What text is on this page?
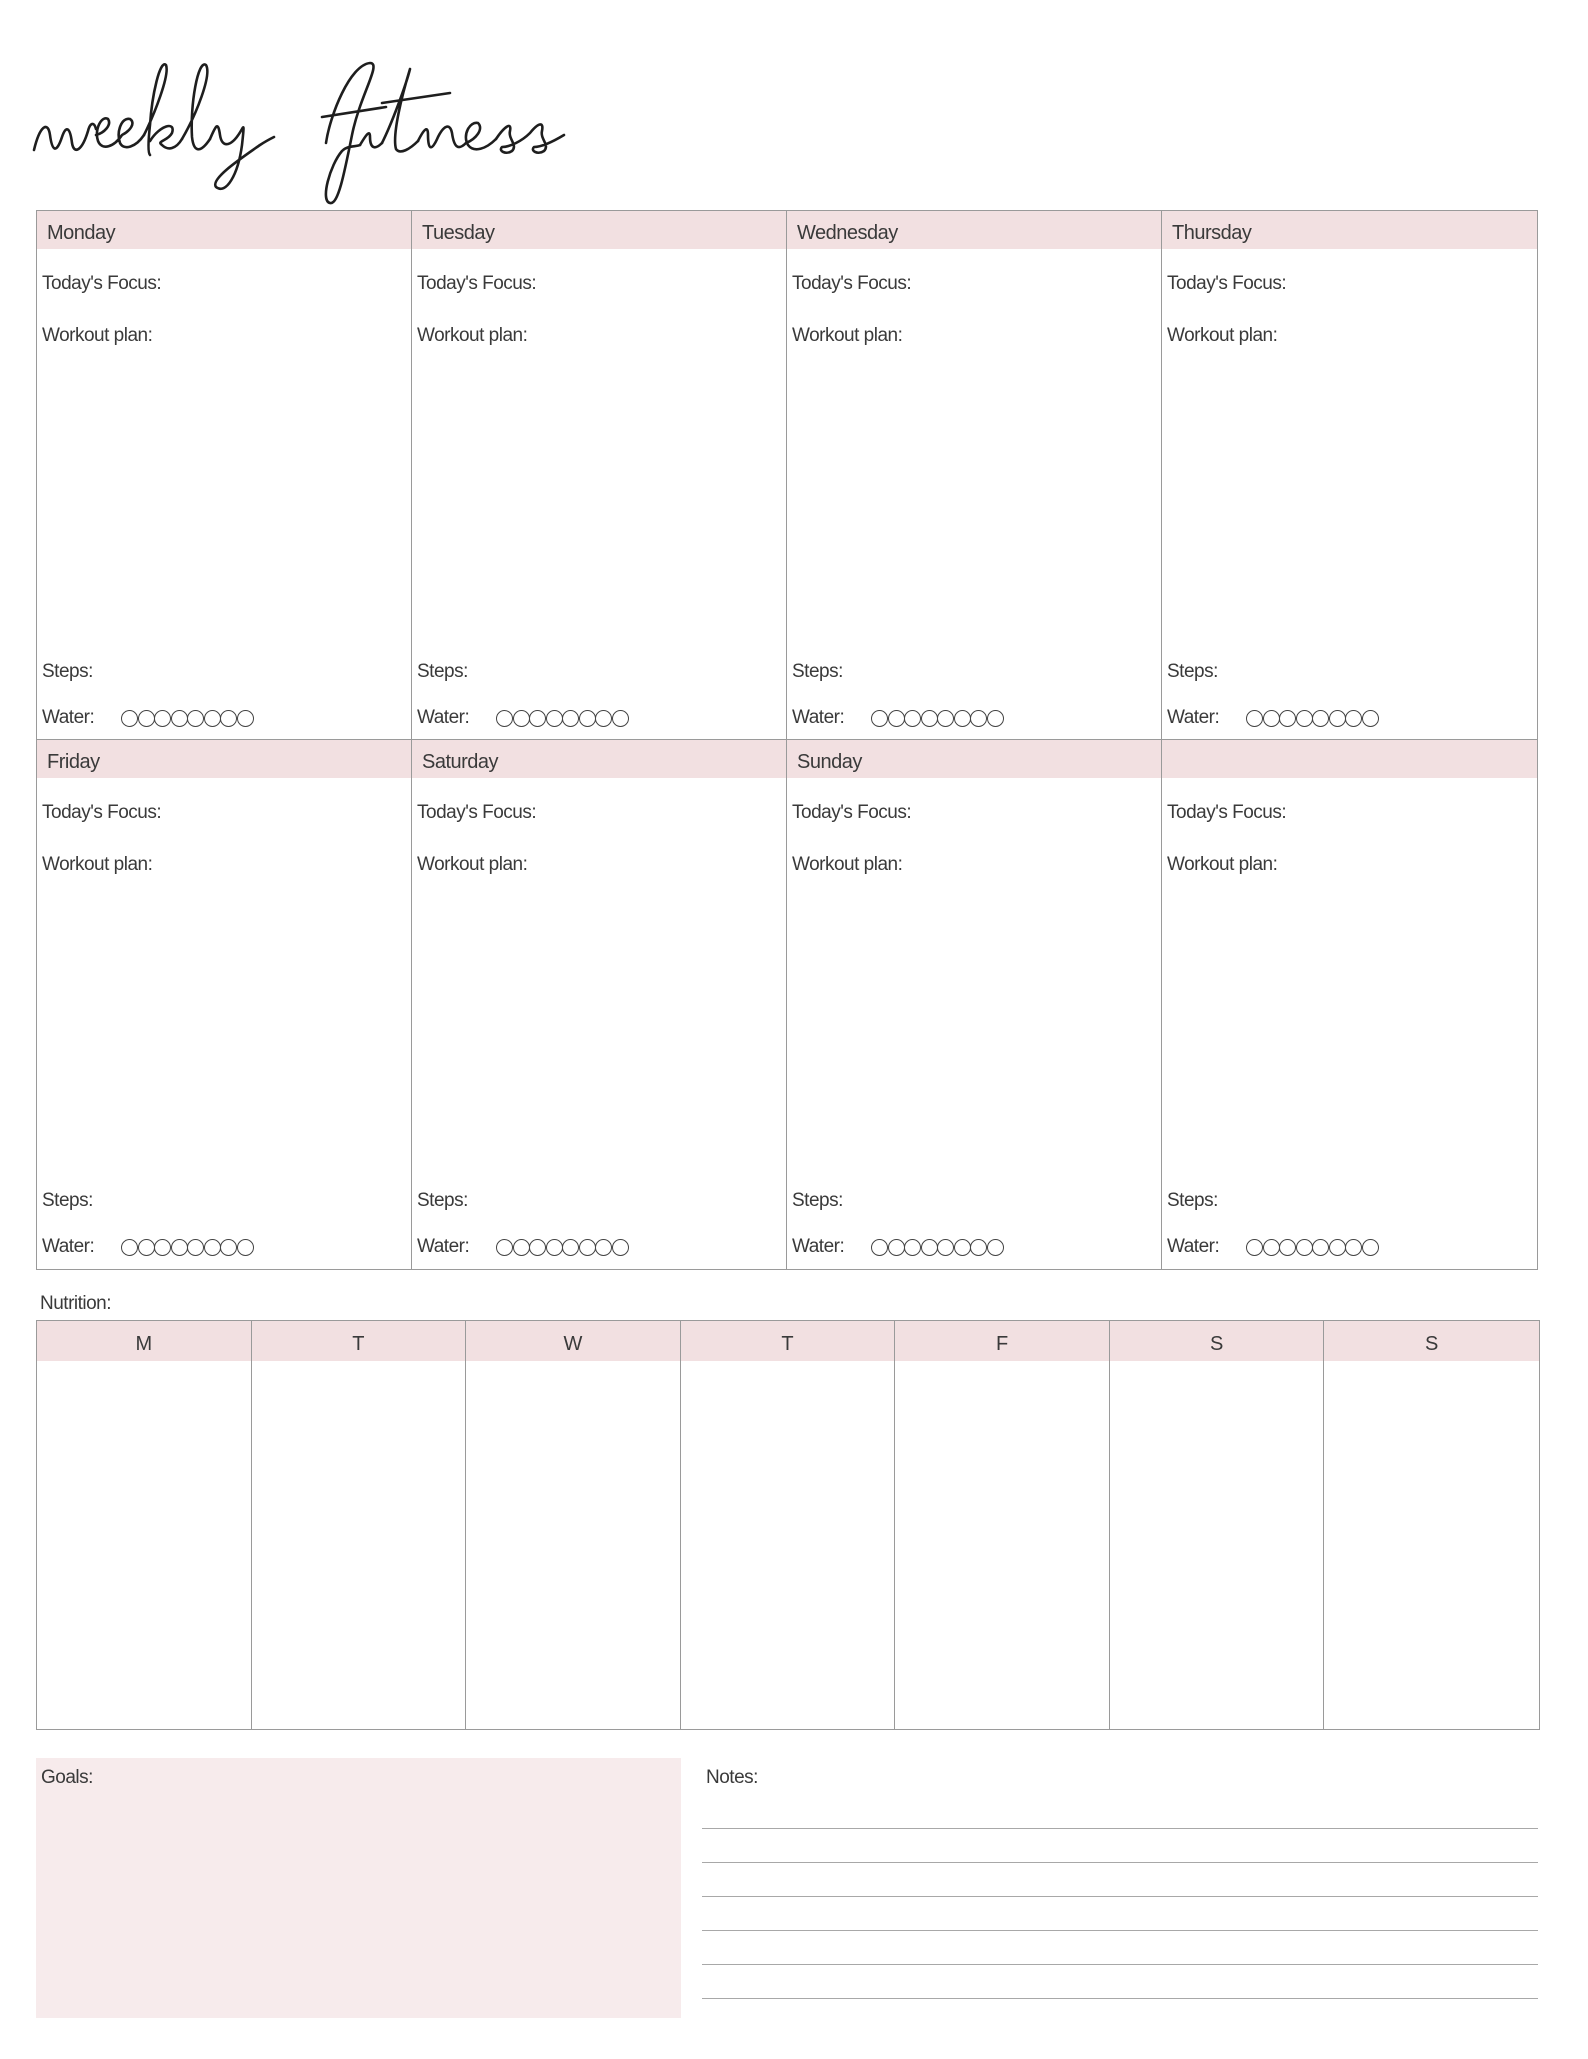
Monday
Today's Focus:
Workout plan:
Steps:
Water:
Tuesday
Today's Focus:
Workout plan:
Steps:
Water:
Wednesday
Today's Focus:
Workout plan:
Steps:
Water:
Thursday
Today's Focus:
Workout plan:
Steps:
Water:
Friday
Today's Focus:
Workout plan:
Steps:
Water:
Saturday
Today's Focus:
Workout plan:
Steps:
Water:
Sunday
Today's Focus:
Workout plan:
Steps:
Water:
Today's Focus:
Workout plan:
Steps:
Water:
Nutrition:
M	T	W	T	F	S	S
Goals:	Notes:
